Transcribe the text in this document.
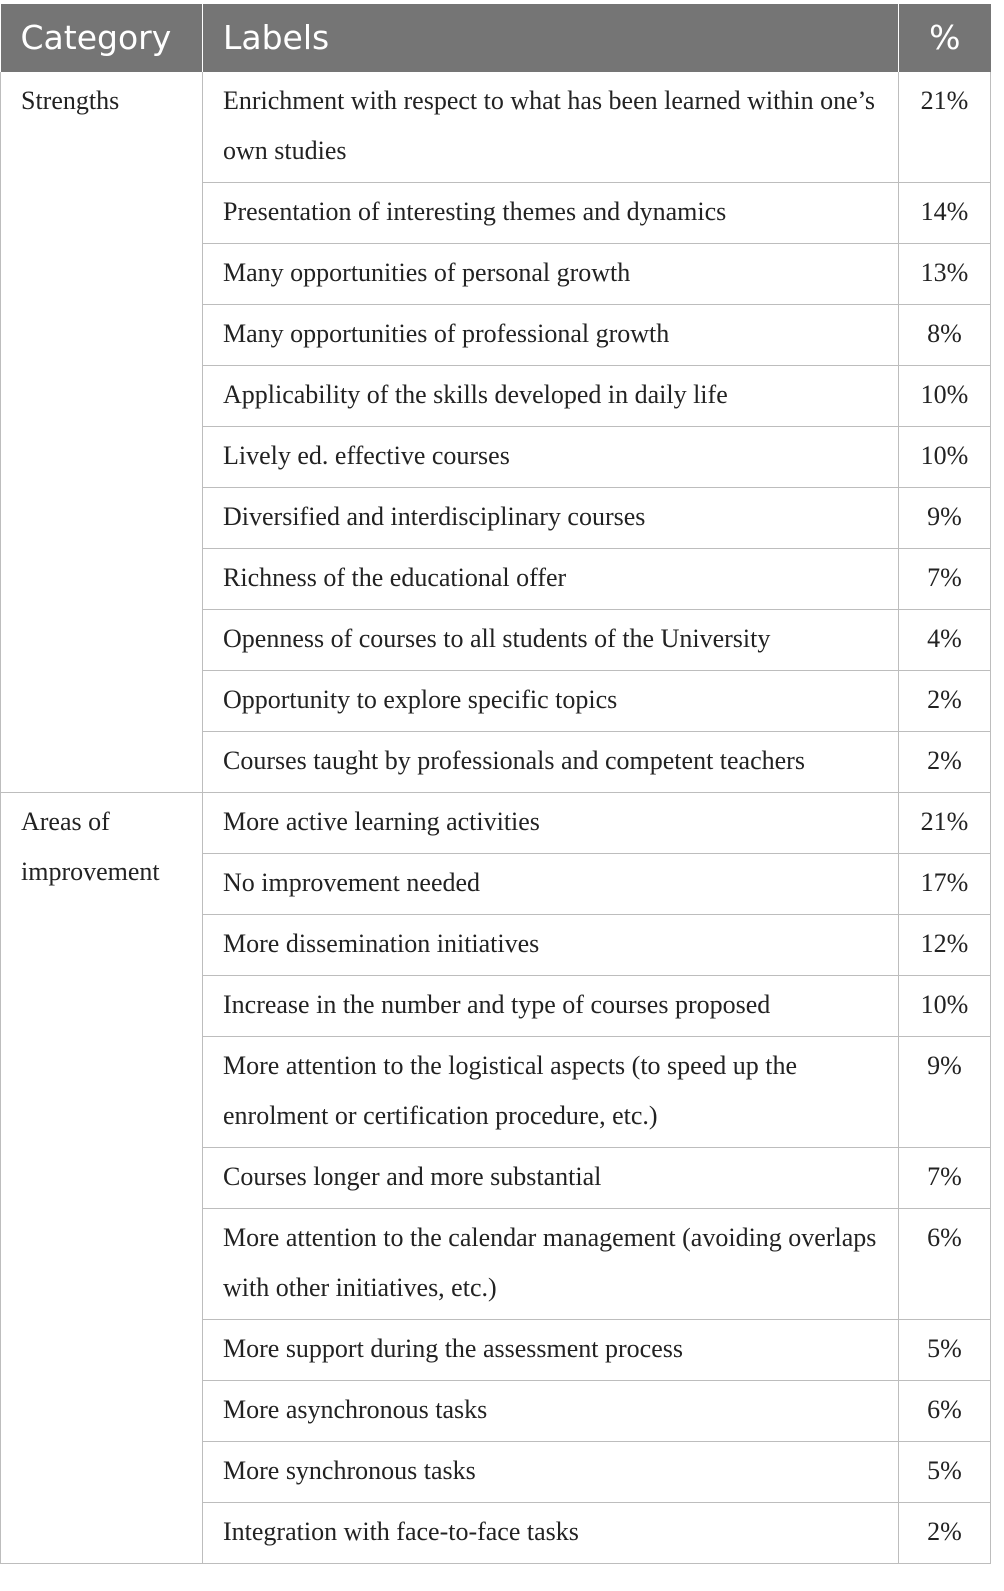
Category	Labels	%
Strengths	Enrichment with respect to what has been learned within one’s own studies	21%
	Presentation of interesting themes and dynamics	14%
	Many opportunities of personal growth	13%
	Many opportunities of professional growth	8%
	Applicability of the skills developed in daily life	10%
	Lively ed. effective courses	10%
	Diversified and interdisciplinary courses	9%
	Richness of the educational offer	7%
	Openness of courses to all students of the University	4%
	Opportunity to explore specific topics	2%
	Courses taught by professionals and competent teachers	2%
Areas of improvement	More active learning activities	21%
	No improvement needed	17%
	More dissemination initiatives	12%
	Increase in the number and type of courses proposed	10%
	More attention to the logistical aspects (to speed up the enrolment or certification procedure, etc.)	9%
	Courses longer and more substantial	7%
	More attention to the calendar management (avoiding overlaps with other initiatives, etc.)	6%
	More support during the assessment process	5%
	More asynchronous tasks	6%
	More synchronous tasks	5%
	Integration with face-to-face tasks	2%
